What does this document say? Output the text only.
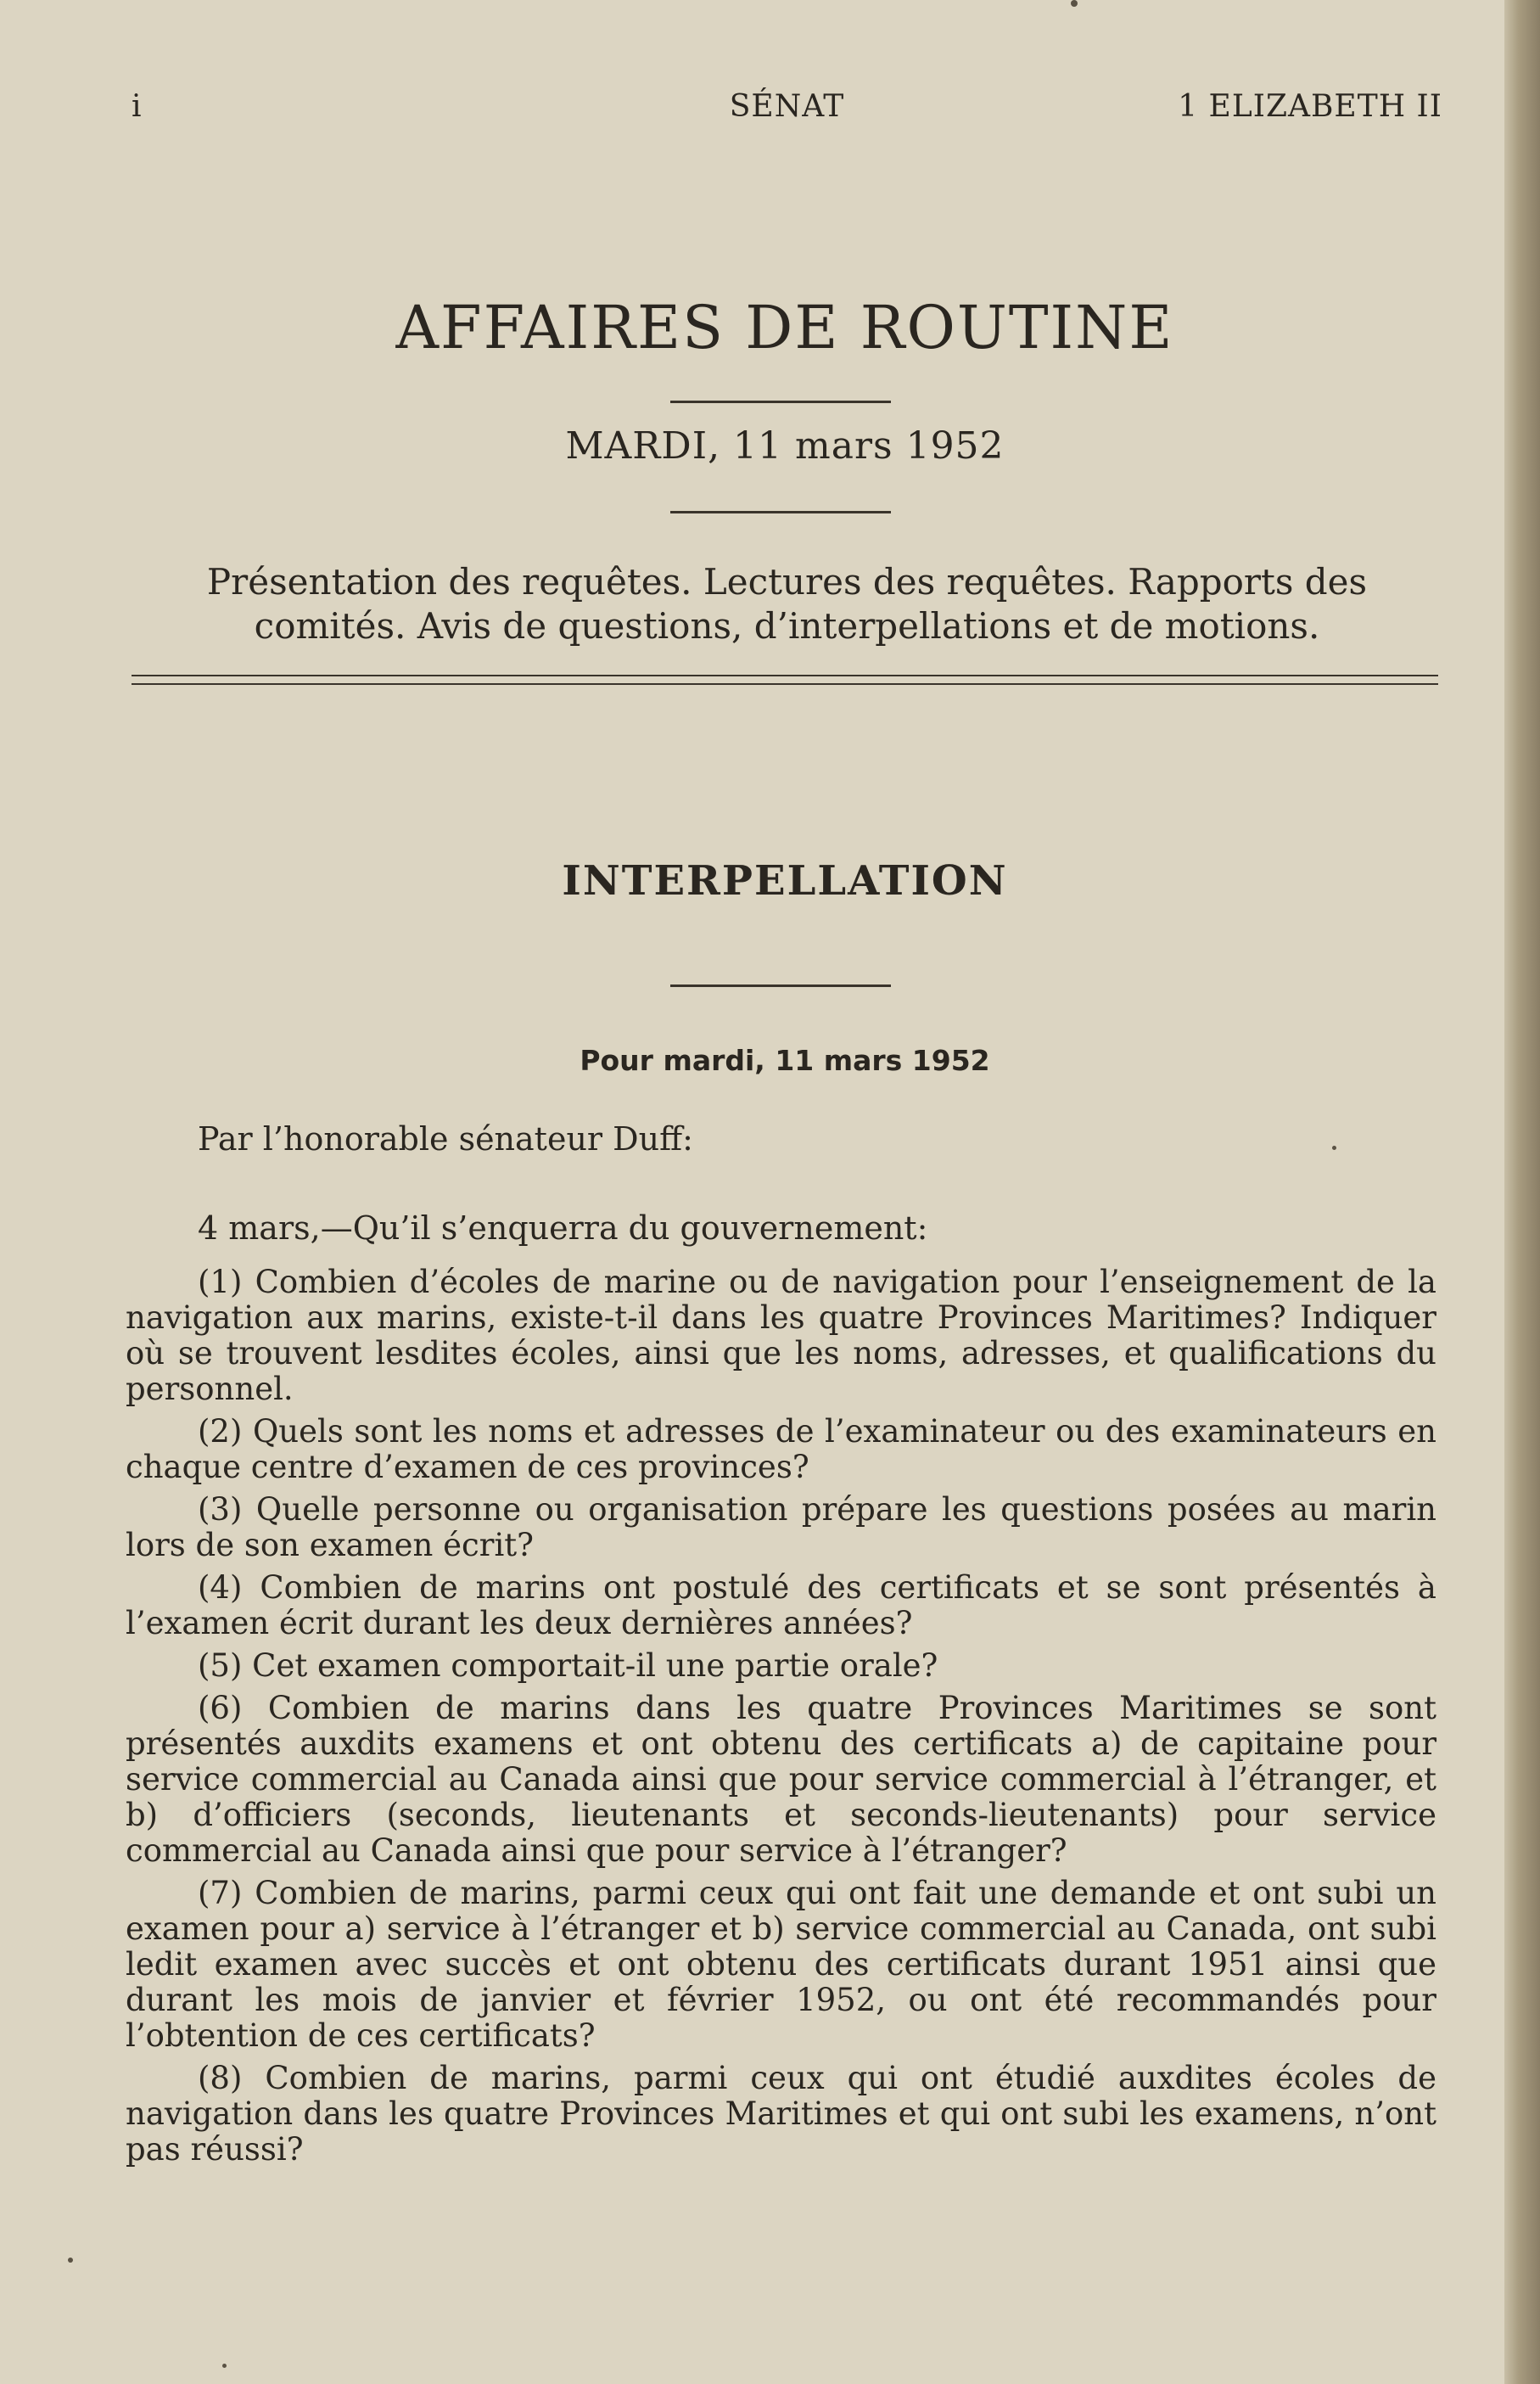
i	SÉNAT	1 ELIZABETH II
AFFAIRES DE ROUTINE
MARDI, 11 mars 1952
Présentation des requêtes. Lectures des requêtes. Rapports des comités. Avis de questions, d’interpellations et de motions.
INTERPELLATION
Pour mardi, 11 mars 1952
Par l’honorable sénateur Duff:
4 mars,—Qu’il s’enquerra du gouvernement:

(1) Combien d’écoles de marine ou de navigation pour l’enseignement de la navigation aux marins, existe-t-il dans les quatre Provinces Maritimes? Indiquer où se trouvent lesdites écoles, ainsi que les noms, adresses, et qualifications du personnel.

(2) Quels sont les noms et adresses de l’examinateur ou des examinateurs en chaque centre d’examen de ces provinces?

(3) Quelle personne ou organisation prépare les questions posées au marin lors de son examen écrit?

(4) Combien de marins ont postulé des certificats et se sont présentés à l’examen écrit durant les deux dernières années?

(5) Cet examen comportait-il une partie orale?

(6) Combien de marins dans les quatre Provinces Maritimes se sont présentés auxdits examens et ont obtenu des certificats a) de capitaine pour service commercial au Canada ainsi que pour service commercial à l’étranger, et b) d’officiers (seconds, lieutenants et seconds-lieutenants) pour service commercial au Canada ainsi que pour service à l’étranger?

(7) Combien de marins, parmi ceux qui ont fait une demande et ont subi un examen pour a) service à l’étranger et b) service commercial au Canada, ont subi ledit examen avec succès et ont obtenu des certificats durant 1951 ainsi que durant les mois de janvier et février 1952, ou ont été recommandés pour l’obtention de ces certificats?

(8) Combien de marins, parmi ceux qui ont étudié auxdites écoles de navigation dans les quatre Provinces Maritimes et qui ont subi les examens, n’ont pas réussi?
